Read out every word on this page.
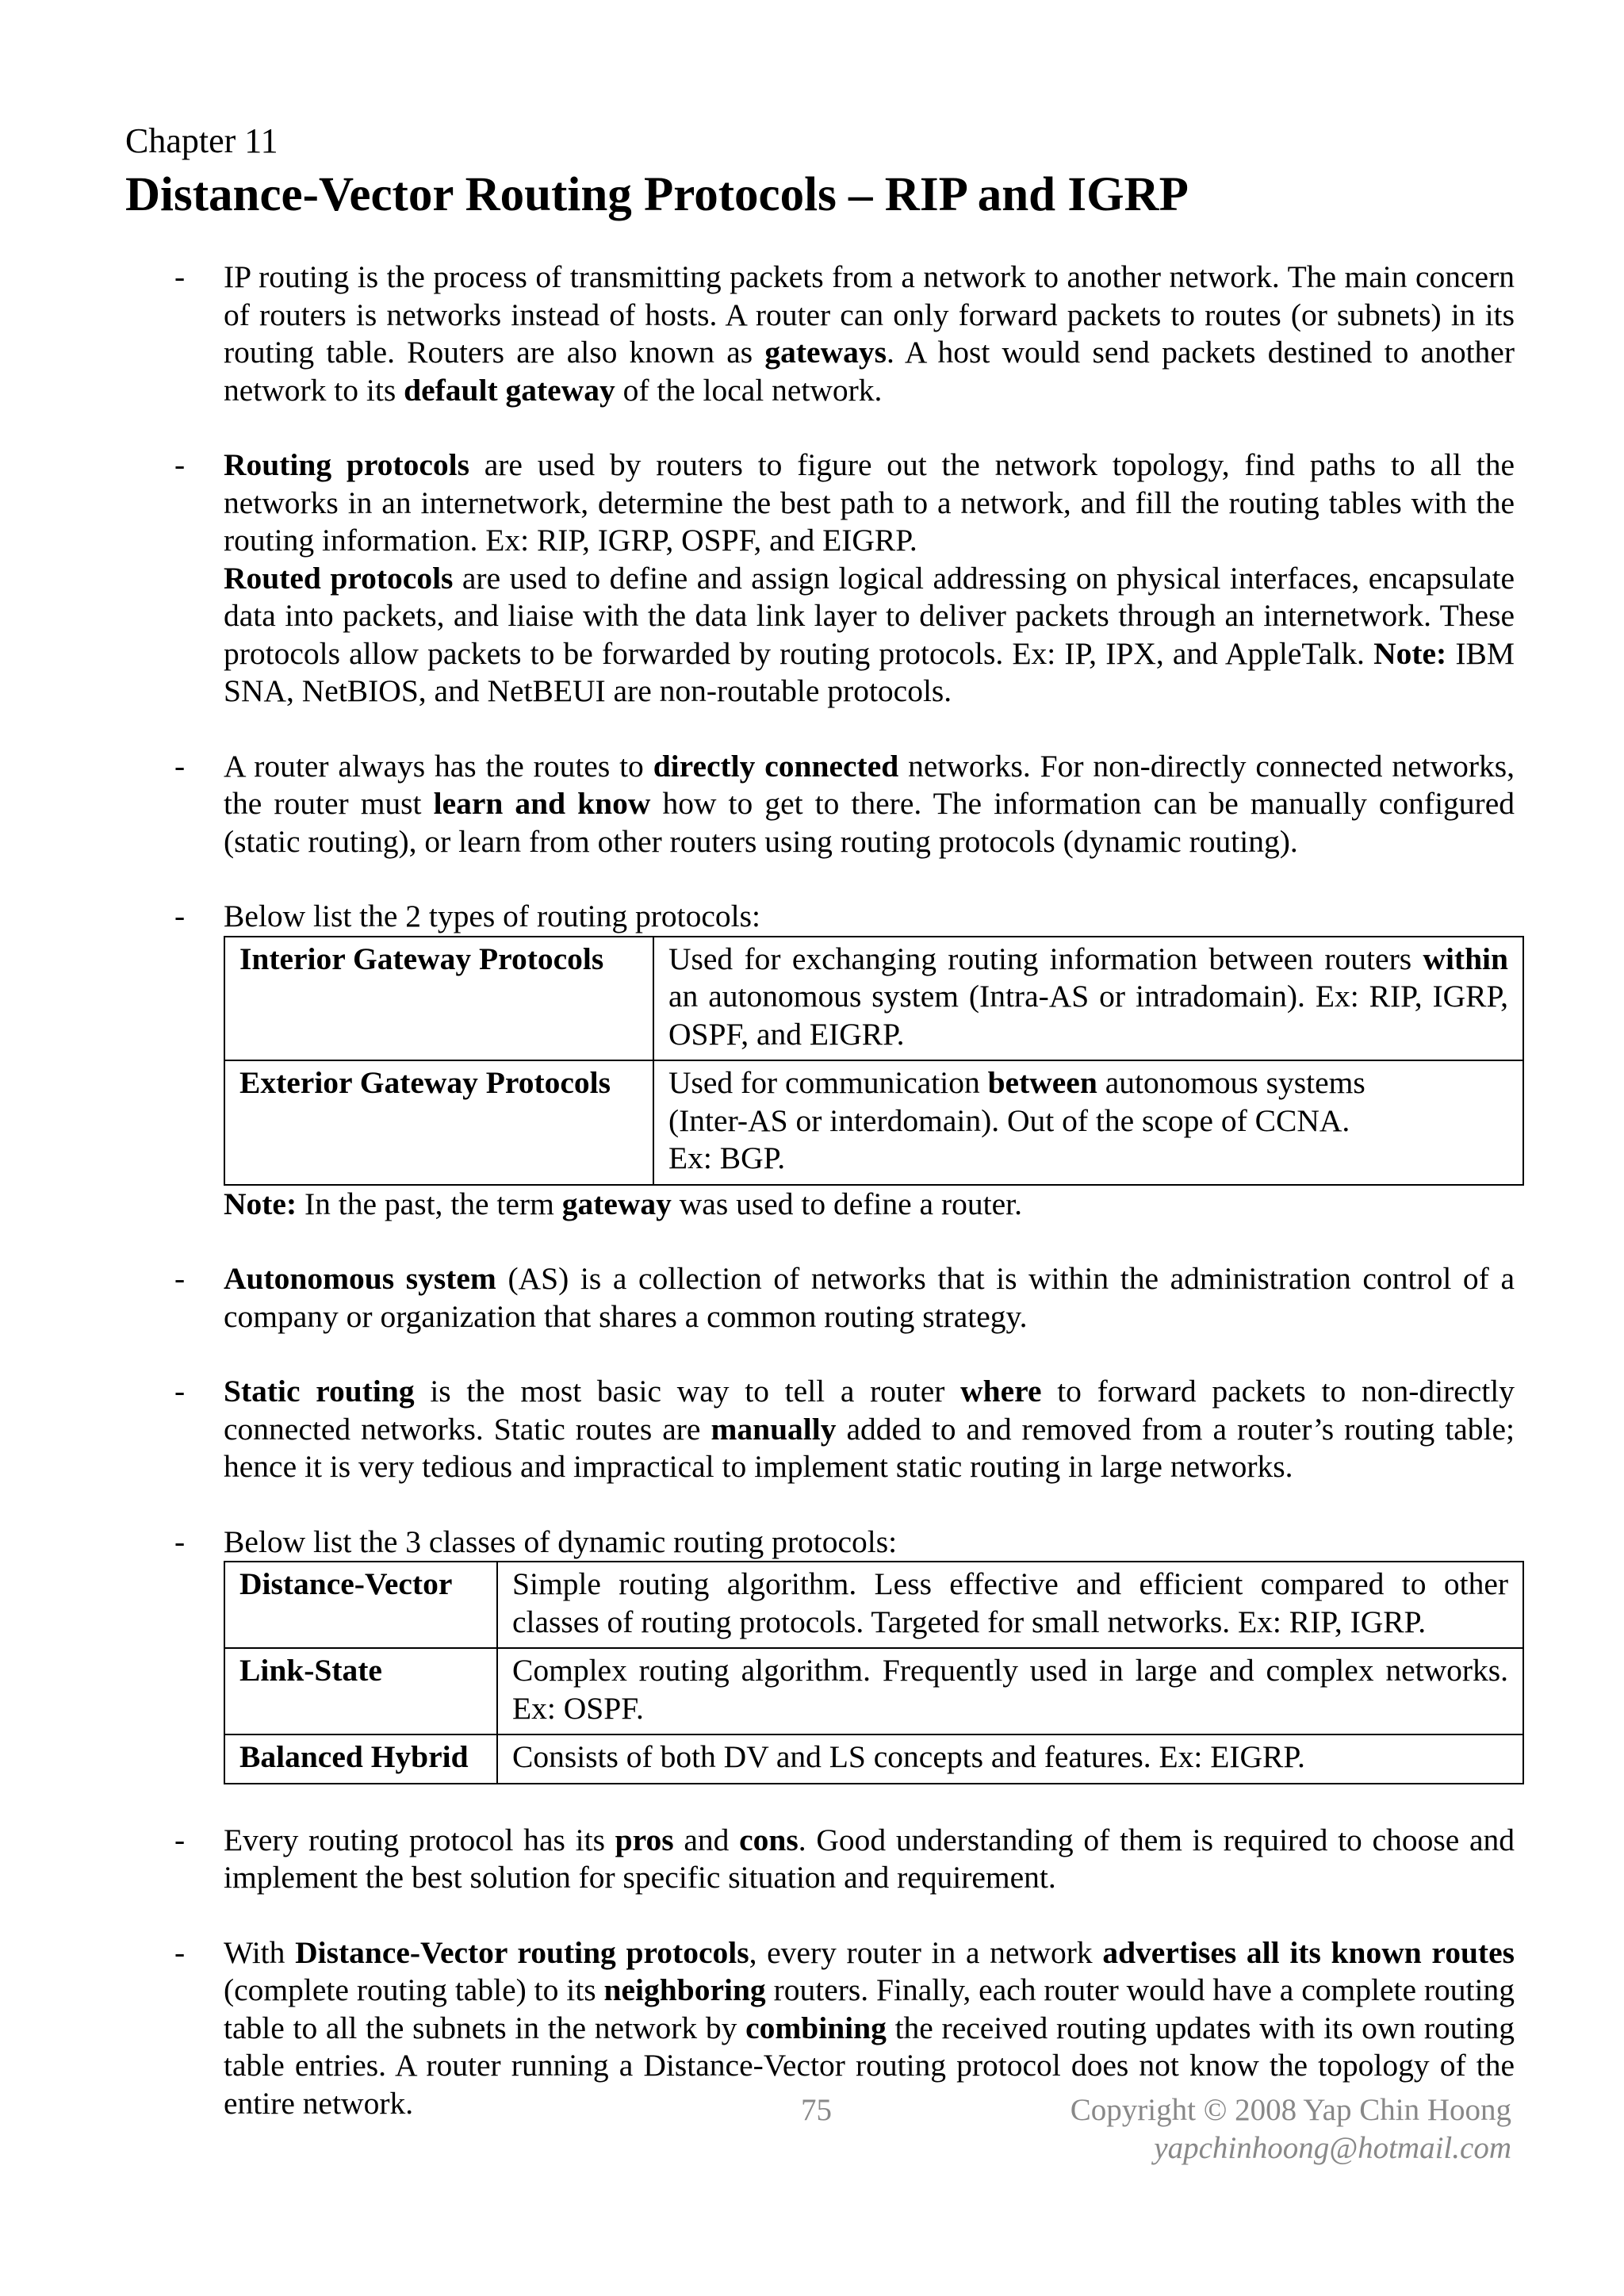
Chapter 11
Distance-Vector Routing Protocols – RIP and IGRP
- IP routing is the process of transmitting packets from a network to another network. The main concern of routers is networks instead of hosts. A router can only forward packets to routes (or subnets) in its routing table. Routers are also known as gateways. A host would send packets destined to another network to its default gateway of the local network.

- Routing protocols are used by routers to figure out the network topology, find paths to all the networks in an internetwork, determine the best path to a network, and fill the routing tables with the routing information. Ex: RIP, IGRP, OSPF, and EIGRP.

Routed protocols are used to define and assign logical addressing on physical interfaces, encapsulate data into packets, and liaise with the data link layer to deliver packets through an internetwork. These protocols allow packets to be forwarded by routing protocols. Ex: IP, IPX, and AppleTalk. Note: IBM SNA, NetBIOS, and NetBEUI are non-routable protocols.

- A router always has the routes to directly connected networks. For non-directly connected networks, the router must learn and know how to get to there. The information can be manually configured (static routing), or learn from other routers using routing protocols (dynamic routing).

- Below list the 2 types of routing protocols:

Interior Gateway Protocols	Used for exchanging routing information between routers within an autonomous system (Intra-AS or intradomain). Ex: RIP, IGRP, OSPF, and EIGRP.
Exterior Gateway Protocols	Used for communication between autonomous systems
(Inter-AS or interdomain). Out of the scope of CCNA.
Ex: BGP.

Note: In the past, the term gateway was used to define a router.

- Autonomous system (AS) is a collection of networks that is within the administration control of a company or organization that shares a common routing strategy.

- Static routing is the most basic way to tell a router where to forward packets to non-directly connected networks. Static routes are manually added to and removed from a router’s routing table; hence it is very tedious and impractical to implement static routing in large networks.

- Below list the 3 classes of dynamic routing protocols:

Distance-Vector	Simple routing algorithm. Less effective and efficient compared to other classes of routing protocols. Targeted for small networks. Ex: RIP, IGRP.
Link-State	Complex routing algorithm. Frequently used in large and complex networks. Ex: OSPF.
Balanced Hybrid	Consists of both DV and LS concepts and features. Ex: EIGRP.
- Every routing protocol has its pros and cons. Good understanding of them is required to choose and implement the best solution for specific situation and requirement.

- With Distance-Vector routing protocols, every router in a network advertises all its known routes (complete routing table) to its neighboring routers. Finally, each router would have a complete routing table to all the subnets in the network by combining the received routing updates with its own routing table entries. A router running a Distance-Vector routing protocol does not know the topology of the entire network.	75	Copyright © 2008 Yap Chin Hoong
yapchinhoong@hotmail.com
